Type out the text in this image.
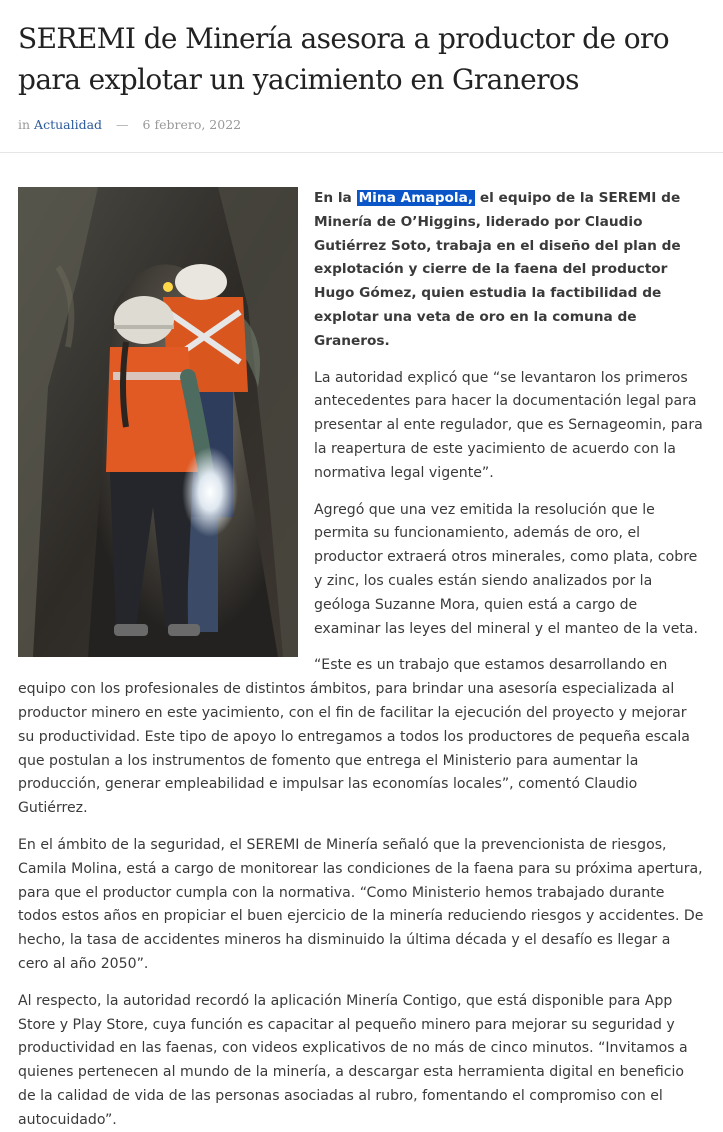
SEREMI de Minería asesora a productor de oro para explotar un yacimiento en Graneros
in Actualidad — 6 febrero, 2022

En la Mina Amapola, el equipo de la SEREMI de Minería de O’Higgins, liderado por Claudio Gutiérrez Soto, trabaja en el diseño del plan de explotación y cierre de la faena del productor Hugo Gómez, quien estudia la factibilidad de explotar una veta de oro en la comuna de Graneros.

La autoridad explicó que “se levantaron los primeros antecedentes para hacer la documentación legal para presentar al ente regulador, que es Sernageomin, para la reapertura de este yacimiento de acuerdo con la normativa legal vigente”.

Agregó que una vez emitida la resolución que le permita su funcionamiento, además de oro, el productor extraerá otros minerales, como plata, cobre y zinc, los cuales están siendo analizados por la geóloga Suzanne Mora, quien está a cargo de examinar las leyes del mineral y el manteo de la veta.

“Este es un trabajo que estamos desarrollando en equipo con los profesionales de distintos ámbitos, para brindar una asesoría especializada al productor minero en este yacimiento, con el fin de facilitar la ejecución del proyecto y mejorar su productividad. Este tipo de apoyo lo entregamos a todos los productores de pequeña escala que postulan a los instrumentos de fomento que entrega el Ministerio para aumentar la producción, generar empleabilidad e impulsar las economías locales”, comentó Claudio Gutiérrez.

En el ámbito de la seguridad, el SEREMI de Minería señaló que la prevencionista de riesgos, Camila Molina, está a cargo de monitorear las condiciones de la faena para su próxima apertura, para que el productor cumpla con la normativa. “Como Ministerio hemos trabajado durante todos estos años en propiciar el buen ejercicio de la minería reduciendo riesgos y accidentes. De hecho, la tasa de accidentes mineros ha disminuido la última década y el desafío es llegar a cero al año 2050”.

Al respecto, la autoridad recordó la aplicación Minería Contigo, que está disponible para App Store y Play Store, cuya función es capacitar al pequeño minero para mejorar su seguridad y productividad en las faenas, con videos explicativos de no más de cinco minutos. “Invitamos a quienes pertenecen al mundo de la minería, a descargar esta herramienta digital en beneficio de la calidad de vida de las personas asociadas al rubro, fomentando el compromiso con el autocuidado”.
